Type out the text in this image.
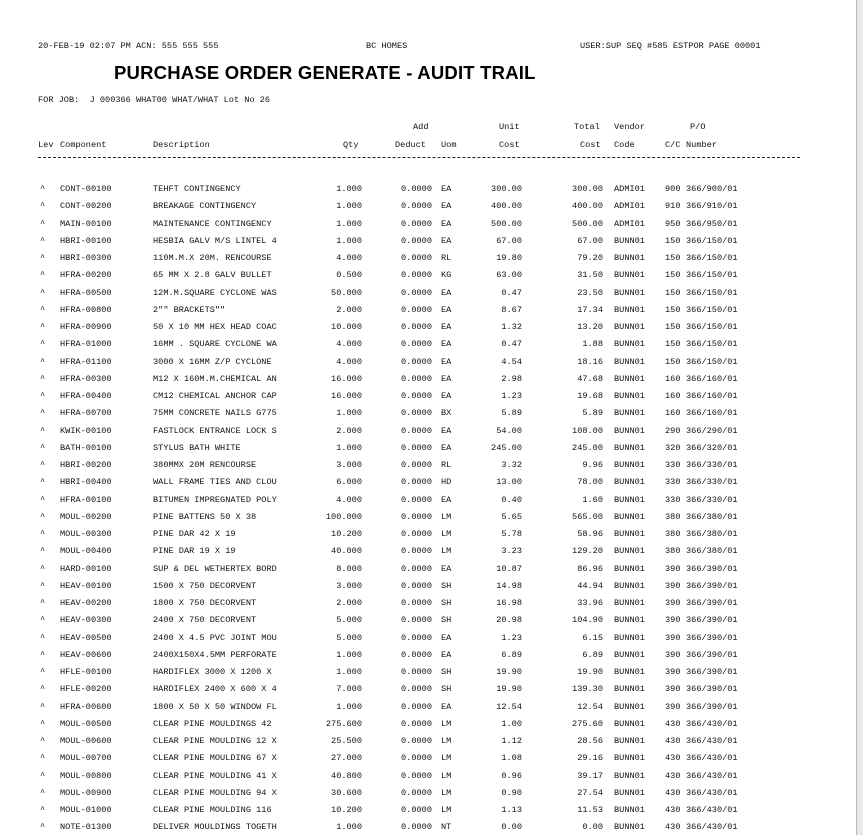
20-FEB-19 02:07 PM ACN: 555 555 555	BC HOMES	USER:SUP SEQ #585 ESTPOR PAGE 00001
PURCHASE ORDER GENERATE - AUDIT TRAIL
FOR JOB:  J 000366 WHAT00 WHAT/WHAT Lot No 26
Add	Unit	Total Vendor	P/O
Lev Component	Description	Qty	Deduct Uom	Cost	Cost Code	C/C Number
^ CONT-00100	TEHFT CONTINGENCY	1.000	0.0000 EA	300.00	300.00 ADMI01 900 366/900/01
^ CONT-00200	BREAKAGE CONTINGENCY	1.000	0.0000 EA	400.00	400.00 ADMI01 910 366/910/01
^ MAIN-00100	MAINTENANCE CONTINGENCY	1.000	0.0000 EA	500.00	500.00 ADMI01 950 366/950/01
^ HBRI-00100	HESBIA GALV M/S LINTEL 4	1.000	0.0000 EA	67.00	67.00 BUNN01 150 366/150/01
^ HBRI-00300	110M.M.X 20M. RENCOURSE	4.000	0.0000 RL	19.80	79.20 BUNN01 150 366/150/01
^ HFRA-00200	65 MM X 2.8 GALV BULLET	0.500	0.0000 KG	63.00	31.50 BUNN01 150 366/150/01
^ HFRA-00500	12M.M.SQUARE CYCLONE WAS	50.000	0.0000 EA	0.47	23.50 BUNN01 150 366/150/01
^ HFRA-00800	2"" BRACKETS""	2.000	0.0000 EA	8.67	17.34 BUNN01 150 366/150/01
^ HFRA-00900	50 X 10 MM HEX HEAD COAC	10.000	0.0000 EA	1.32	13.20 BUNN01 150 366/150/01
^ HFRA-01000	16MM . SQUARE CYCLONE WA	4.000	0.0000 EA	0.47	1.88 BUNN01 150 366/150/01
^ HFRA-01100	3000 X 16MM Z/P CYCLONE	4.000	0.0000 EA	4.54	18.16 BUNN01 150 366/150/01
^ HFRA-00300	M12 X 160M.M.CHEMICAL AN	16.000	0.0000 EA	2.98	47.68 BUNN01 160 366/160/01
^ HFRA-00400	CM12 CHEMICAL ANCHOR CAP	16.000	0.0000 EA	1.23	19.68 BUNN01 160 366/160/01
^ HFRA-00700	75MM CONCRETE NAILS G775	1.000	0.0000 BX	5.89	5.89 BUNN01 160 366/160/01
^ KWIK-00100	FASTLOCK ENTRANCE LOCK S	2.000	0.0000 EA	54.00	108.00 BUNN01 290 366/290/01
^ BATH-00100	STYLUS BATH WHITE	1.000	0.0000 EA	245.00	245.00 BUNN01 320 366/320/01
^ HBRI-00200	380MMX 20M RENCOURSE	3.000	0.0000 RL	3.32	9.96 BUNN01 330 366/330/01
^ HBRI-00400	WALL FRAME TIES AND CLOU	6.000	0.0000 HD	13.00	78.00 BUNN01 330 366/330/01
^ HFRA-00100	BITUMEN IMPREGNATED POLY	4.000	0.0000 EA	0.40	1.60 BUNN01 330 366/330/01
^ MOUL-00200	PINE BATTENS 50 X 38	100.000	0.0000 LM	5.65	565.00 BUNN01 380 366/380/01
^ MOUL-00300	PINE DAR 42 X 19	10.200	0.0000 LM	5.78	58.96 BUNN01 380 366/380/01
^ MOUL-00400	PINE DAR 19 X 19	40.000	0.0000 LM	3.23	129.20 BUNN01 380 366/380/01
^ HARD-00100	SUP & DEL WETHERTEX BORD	8.000	0.0000 EA	10.87	86.96 BUNN01 390 366/390/01
^ HEAV-00100	1500 X 750 DECORVENT	3.000	0.0000 SH	14.98	44.94 BUNN01 390 366/390/01
^ HEAV-00200	1800 X 750 DECORVENT	2.000	0.0000 SH	16.98	33.96 BUNN01 390 366/390/01
^ HEAV-00300	2400 X 750 DECORVENT	5.000	0.0000 SH	20.98	104.90 BUNN01 390 366/390/01
^ HEAV-00500	2400 X 4.5 PVC JOINT MOU	5.000	0.0000 EA	1.23	6.15 BUNN01 390 366/390/01
^ HEAV-00600	2400X150X4.5MM PERFORATE	1.000	0.0000 EA	6.89	6.89 BUNN01 390 366/390/01
^ HFLE-00100	HARDIFLEX 3000 X 1200 X	1.000	0.0000 SH	19.90	19.90 BUNN01 390 366/390/01
^ HFLE-00200	HARDIFLEX 2400 X 600 X 4	7.000	0.0000 SH	19.90	139.30 BUNN01 390 366/390/01
^ HFRA-00600	1800 X 50 X 50 WINDOW FL	1.000	0.0000 EA	12.54	12.54 BUNN01 390 366/390/01
^ MOUL-00500	CLEAR PINE MOULDINGS 42	275.600	0.0000 LM	1.00	275.60 BUNN01 430 366/430/01
^ MOUL-00600	CLEAR PINE MOULDING 12 X	25.500	0.0000 LM	1.12	28.56 BUNN01 430 366/430/01
^ MOUL-00700	CLEAR PINE MOULDING 67 X	27.000	0.0000 LM	1.08	29.16 BUNN01 430 366/430/01
^ MOUL-00800	CLEAR PINE MOULDING 41 X	40.800	0.0000 LM	0.96	39.17 BUNN01 430 366/430/01
^ MOUL-00900	CLEAR PINE MOULDING 94 X	30.600	0.0000 LM	0.90	27.54 BUNN01 430 366/430/01
^ MOUL-01000	CLEAR PINE MOULDING 116	10.200	0.0000 LM	1.13	11.53 BUNN01 430 366/430/01
^ NOTE-01300	DELIVER MOULDINGS TOGETH	1.000	0.0000 NT	0.00	0.00 BUNN01 430 366/430/01
